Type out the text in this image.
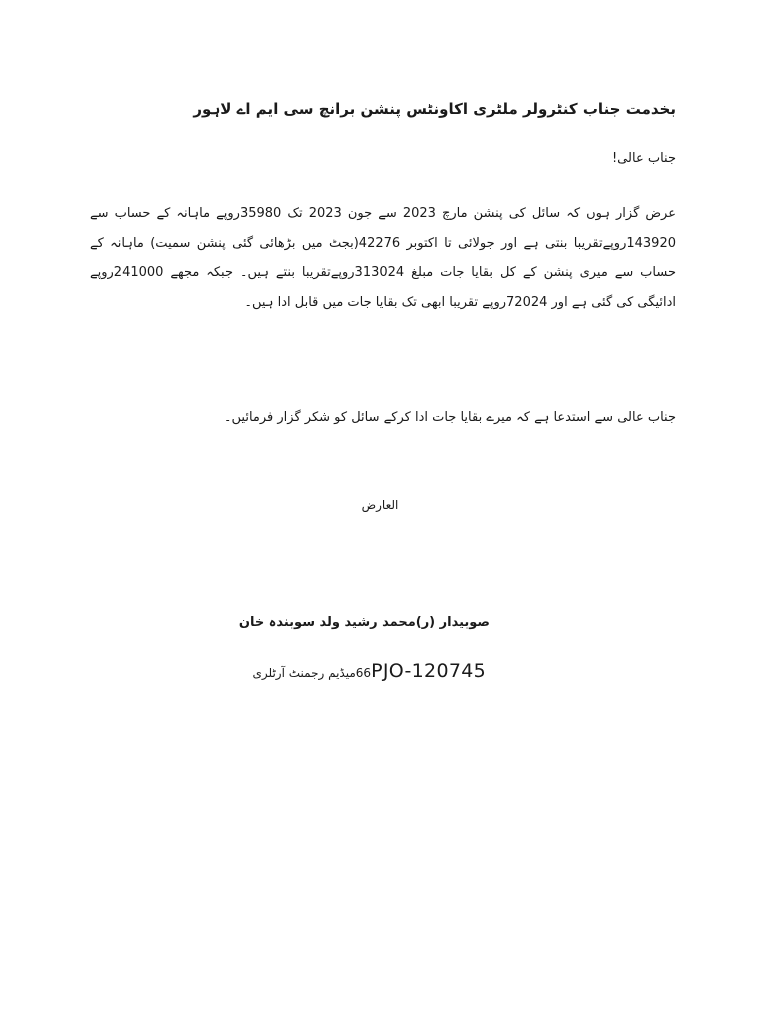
بخدمت جناب کنٹرولر ملٹری اکاونٹس پنشن برانچ سی ایم اے لاہور
جناب عالی!
عرض گزار ہوں کہ سائل کی پنشن مارچ 2023 سے جون 2023 تک 35980روپے ماہانہ کے حساب سے 143920روپےتقریبا بنتی ہے اور جولائی تا اکتوبر 42276(بجٹ میں بڑھائی گئی پنشن سمیت) ماہانہ کے حساب سے میری پنشن کے کل بقایا جات مبلغ 313024روپےتقریبا بنتے ہیں۔ جبکہ مجھے 241000روپے ادائیگی کی گئی ہے اور 72024روپے تقریبا ابھی تک بقایا جات میں قابل ادا ہیں۔
جناب عالی سے استدعا ہے کہ میرے بقایا جات ادا کرکے سائل کو شکر گزار فرمائیں۔
العارض
صوبیدار (ر)محمد رشید ولد سوبندہ خان
66میڈیم رجمنٹ آرٹلریPJO-120745
